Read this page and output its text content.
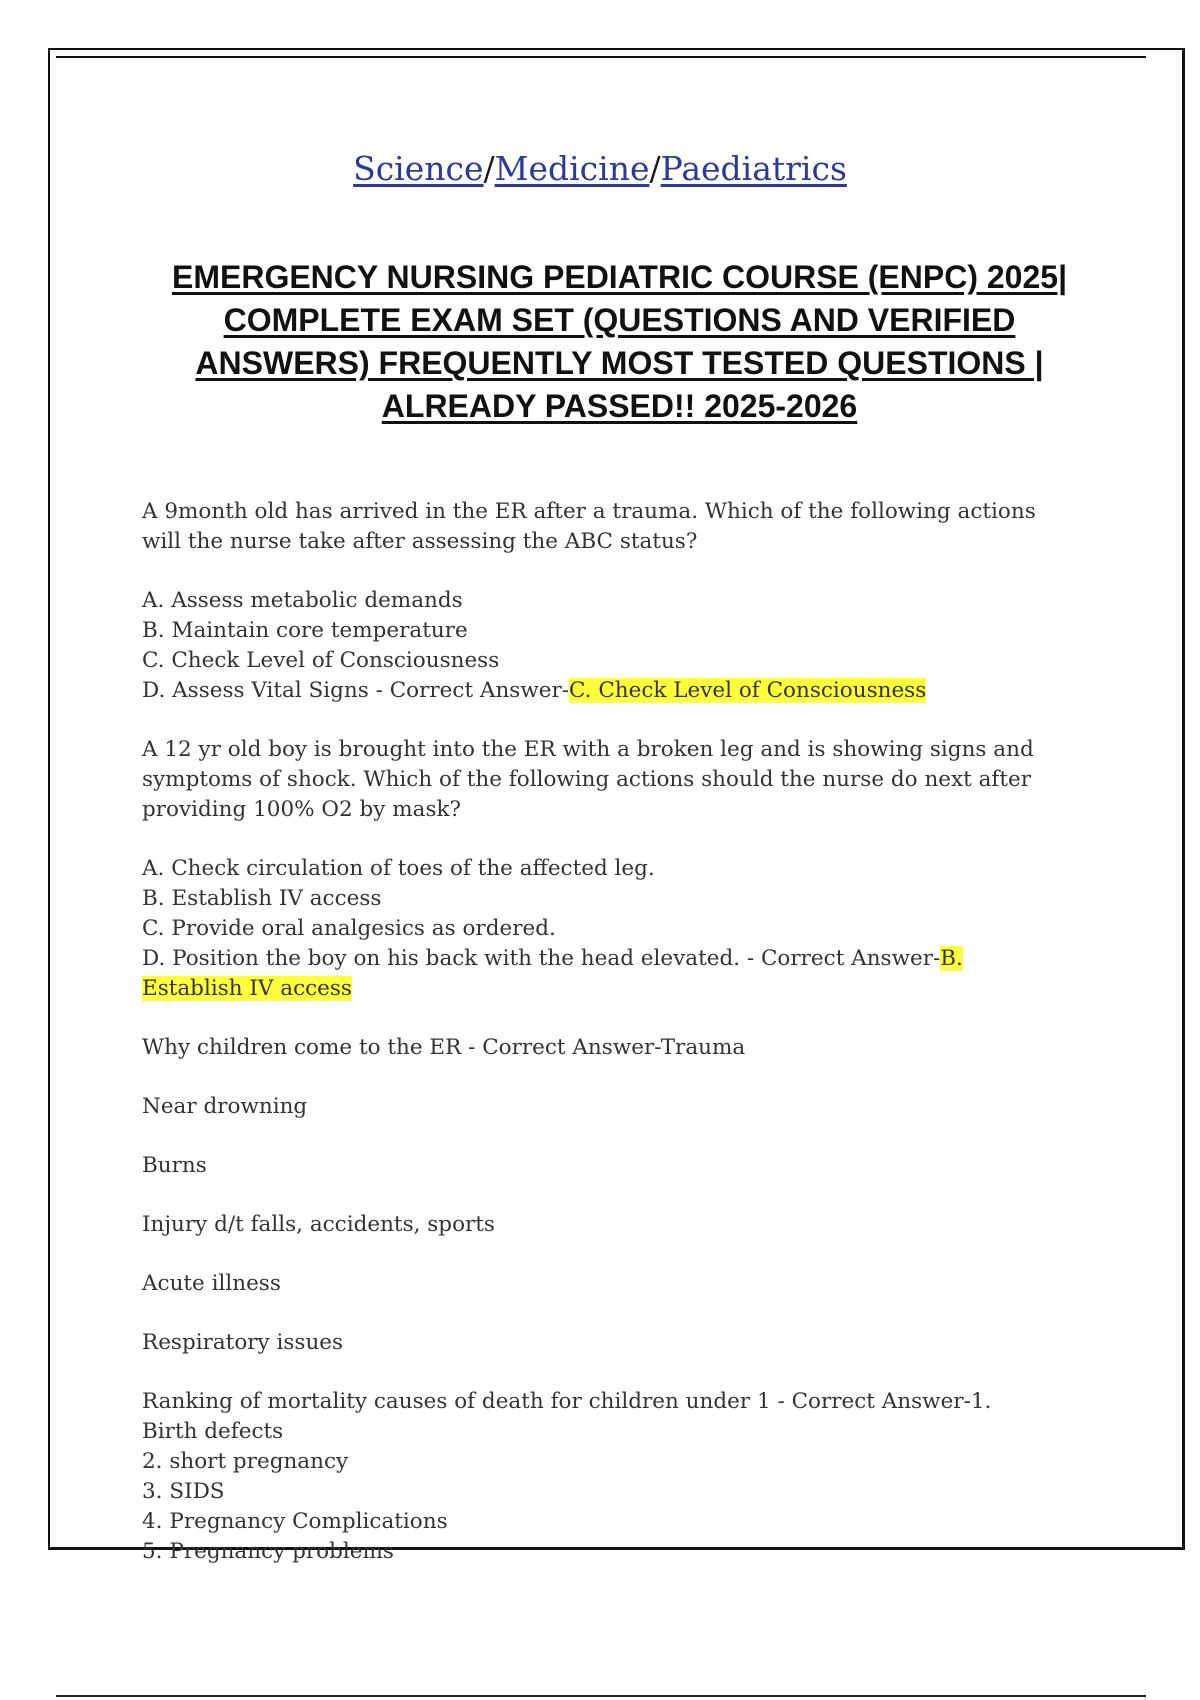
Science/Medicine/Paediatrics
EMERGENCY NURSING PEDIATRIC COURSE (ENPC) 2025|
COMPLETE EXAM SET (QUESTIONS AND VERIFIED
ANSWERS) FREQUENTLY MOST TESTED QUESTIONS |
ALREADY PASSED!! 2025-2026

A 9month old has arrived in the ER after a trauma. Which of the following actions

will the nurse take after assessing the ABC status?

A. Assess metabolic demands

B. Maintain core temperature

C. Check Level of Consciousness

D. Assess Vital Signs - Correct Answer-C. Check Level of Consciousness

A 12 yr old boy is brought into the ER with a broken leg and is showing signs and

symptoms of shock. Which of the following actions should the nurse do next after

providing 100% O2 by mask?

A. Check circulation of toes of the affected leg.

B. Establish IV access

C. Provide oral analgesics as ordered.

D. Position the boy on his back with the head elevated. - Correct Answer-B.

Establish IV access

Why children come to the ER - Correct Answer-Trauma

Near drowning

Burns

Injury d/t falls, accidents, sports

Acute illness

Respiratory issues

Ranking of mortality causes of death for children under 1 - Correct Answer-1.

Birth defects

2. short pregnancy

3. SIDS

4. Pregnancy Complications

5. Pregnancy problems
